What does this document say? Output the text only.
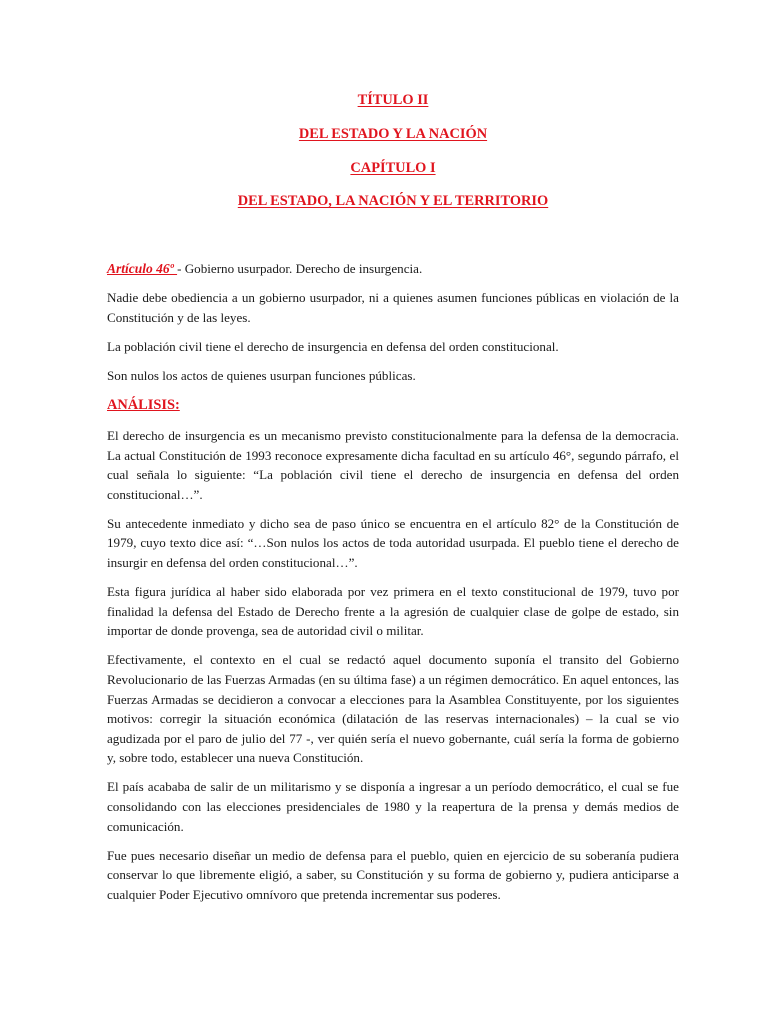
TÍTULO II

DEL ESTADO Y LA NACIÓN

CAPÍTULO I

DEL ESTADO, LA NACIÓN Y EL TERRITORIO

Artículo 46º - Gobierno usurpador. Derecho de insurgencia.

Nadie debe obediencia a un gobierno usurpador, ni a quienes asumen funciones públicas en violación de la Constitución y de las leyes.

La población civil tiene el derecho de insurgencia en defensa del orden constitucional.

Son nulos los actos de quienes usurpan funciones públicas.

ANÁLISIS:

El derecho de insurgencia es un mecanismo previsto constitucionalmente para la defensa de la democracia. La actual Constitución de 1993 reconoce expresamente dicha facultad en su artículo 46°, segundo párrafo, el cual señala lo siguiente: “La población civil tiene el derecho de insurgencia en defensa del orden constitucional…”.

Su antecedente inmediato y dicho sea de paso único se encuentra en el artículo 82° de la Constitución de 1979, cuyo texto dice así: “…Son nulos los actos de toda autoridad usurpada. El pueblo tiene el derecho de insurgir en defensa del orden constitucional…”.

Esta figura jurídica al haber sido elaborada por vez primera en el texto constitucional de 1979, tuvo por finalidad la defensa del Estado de Derecho frente a la agresión de cualquier clase de golpe de estado, sin importar de donde provenga, sea de autoridad civil o militar.

Efectivamente, el contexto en el cual se redactó aquel documento suponía el transito del Gobierno Revolucionario de las Fuerzas Armadas (en su última fase) a un régimen democrático. En aquel entonces, las Fuerzas Armadas se decidieron a convocar a elecciones para la Asamblea Constituyente, por los siguientes motivos: corregir la situación económica (dilatación de las reservas internacionales) – la cual se vio agudizada por el paro de julio del 77 -, ver quién sería el nuevo gobernante, cuál sería la forma de gobierno y, sobre todo, establecer una nueva Constitución.

El país acababa de salir de un militarismo y se disponía a ingresar a un período democrático, el cual se fue consolidando con las elecciones presidenciales de 1980 y la reapertura de la prensa y demás medios de comunicación.

Fue pues necesario diseñar un medio de defensa para el pueblo, quien en ejercicio de su soberanía pudiera conservar lo que libremente eligió, a saber, su Constitución y su forma de gobierno y, pudiera anticiparse a cualquier Poder Ejecutivo omnívoro que pretenda incrementar sus poderes.
